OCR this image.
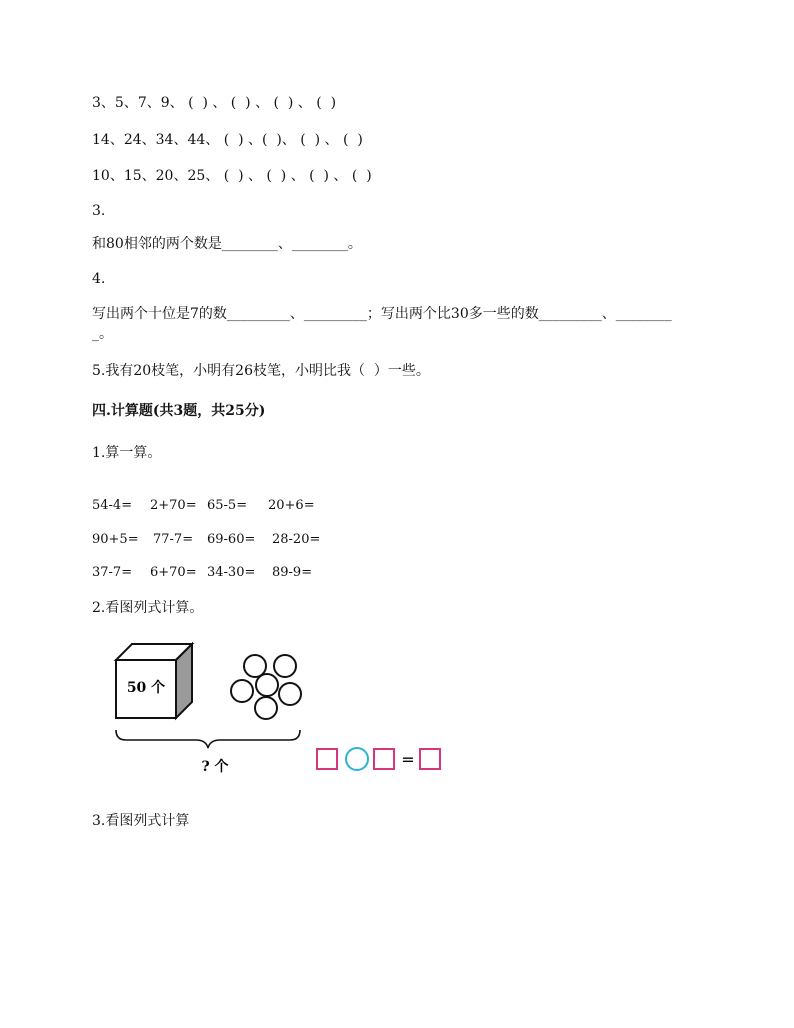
3、5、7、9、 (  ) 、 (  ) 、 (  ) 、 (  )
14、24、34、44、 (  ) 、(  )、 (  ) 、 (  )
10、15、20、25、 (  ) 、 (  ) 、 (  ) 、 (  )
3.
和80相邻的两个数是________、________。
4.
写出两个十位是7的数_________、_________；写出两个比30多一些的数_________、________
_。
5.我有20枝笔，小明有26枝笔，小明比我（  ）一些。
四.计算题(共3题，共25分)
1.算一算。
54-4= 2+70= 65-5= 20+6=
90+5= 77-7= 69-60= 28-20=
37-7= 6+70= 34-30= 89-9=
2.看图列式计算。
50 个
? 个	=
3.看图列式计算
